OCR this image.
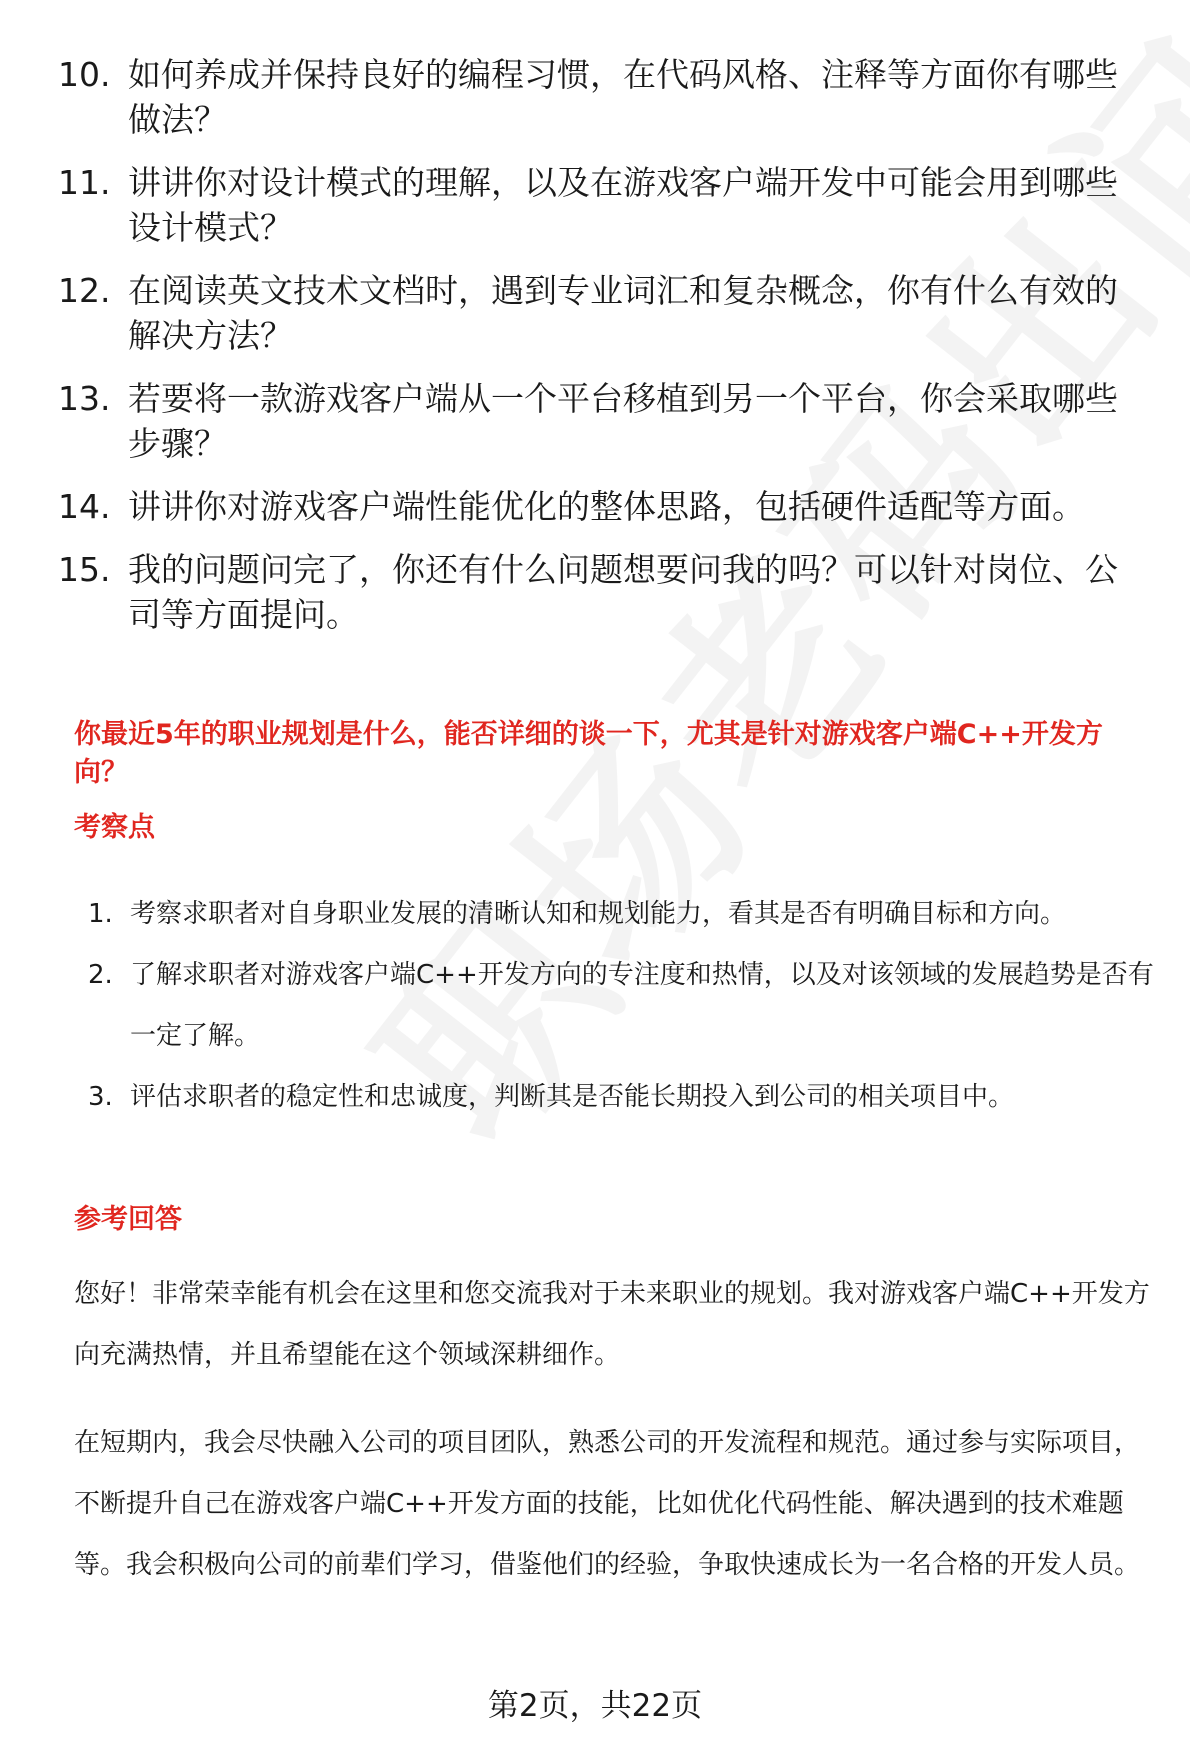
10. 如何养成并保持良好的编程习惯，在代码风格、注释等方面你有哪些做法？
11. 讲讲你对设计模式的理解，以及在游戏客户端开发中可能会用到哪些设计模式？
12. 在阅读英文技术文档时，遇到专业词汇和复杂概念，你有什么有效的解决方法？
13. 若要将一款游戏客户端从一个平台移植到另一个平台，你会采取哪些步骤？
14. 讲讲你对游戏客户端性能优化的整体思路，包括硬件适配等方面。
15. 我的问题问完了，你还有什么问题想要问我的吗？可以针对岗位、公司等方面提问。
你最近5年的职业规划是什么，能否详细的谈一下，尤其是针对游戏客户端C++开发方向？
考察点
1. 考察求职者对自身职业发展的清晰认知和规划能力，看其是否有明确目标和方向。
2. 了解求职者对游戏客户端C++开发方向的专注度和热情，以及对该领域的发展趋势是否有一定了解。
3. 评估求职者的稳定性和忠诚度，判断其是否能长期投入到公司的相关项目中。
参考回答
您好！非常荣幸能有机会在这里和您交流我对于未来职业的规划。我对游戏客户端C++开发方向充满热情，并且希望能在这个领域深耕细作。
在短期内，我会尽快融入公司的项目团队，熟悉公司的开发流程和规范。通过参与实际项目，不断提升自己在游戏客户端C++开发方面的技能，比如优化代码性能、解决遇到的技术难题等。我会积极向公司的前辈们学习，借鉴他们的经验，争取快速成长为一名合格的开发人员。
第2页，共22页
